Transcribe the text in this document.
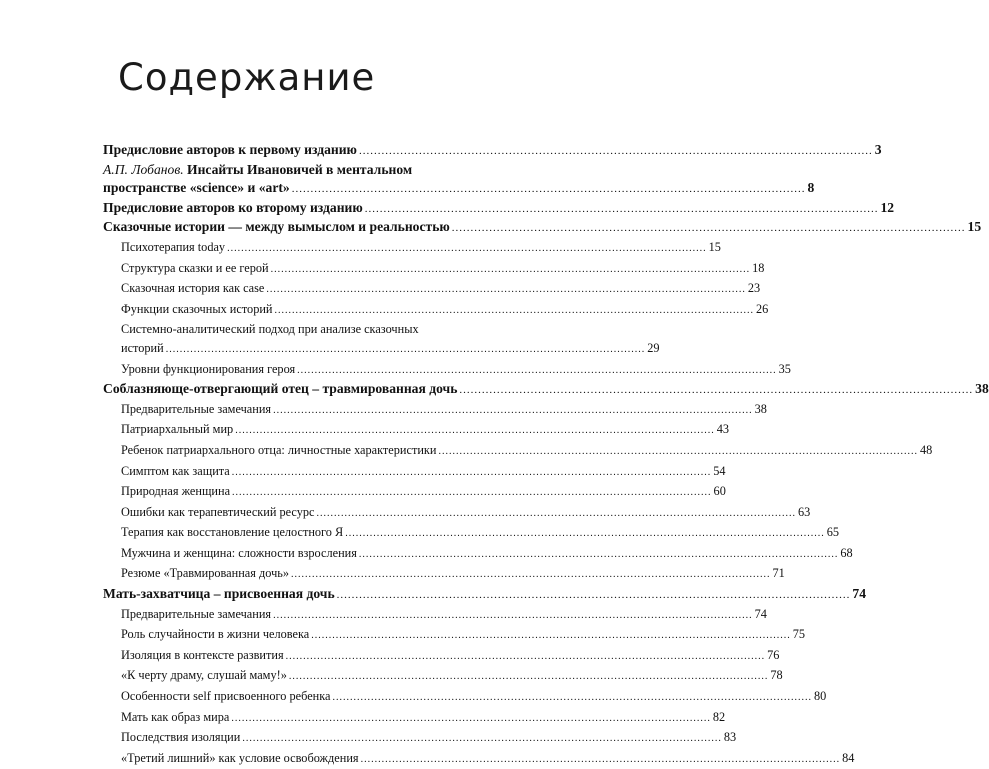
Содержание
Предисловие авторов к первому изданию ......................................................................................................................................... 3
А.П. Лобанов. Инсайты Ивановичей в ментальном
пространстве «science» и «art» ......................................................................................................................................... 8
Предисловие авторов ко второму изданию ......................................................................................................................................... 12
Сказочные истории — между вымыслом и реальностью ......................................................................................................................................... 15
Психотерапия today ......................................................................................................................................... 15
Структура сказки и ее герой ......................................................................................................................................... 18
Сказочная история как case ......................................................................................................................................... 23
Функции сказочных историй ......................................................................................................................................... 26
Системно-аналитический подход при анализе сказочных
историй ......................................................................................................................................... 29
Уровни функционирования героя ......................................................................................................................................... 35
Соблазняюще-отвергающий отец – травмированная дочь ......................................................................................................................................... 38
Предварительные замечания ......................................................................................................................................... 38
Патриархальный мир ......................................................................................................................................... 43
Ребенок патриархального отца: личностные характеристики ......................................................................................................................................... 48
Симптом как защита ......................................................................................................................................... 54
Природная женщина ......................................................................................................................................... 60
Ошибки как терапевтический ресурс ......................................................................................................................................... 63
Терапия как восстановление целостного Я ......................................................................................................................................... 65
Мужчина и женщина: сложности взросления ......................................................................................................................................... 68
Резюме «Травмированная дочь» ......................................................................................................................................... 71
Мать-захватчица – присвоенная дочь ......................................................................................................................................... 74
Предварительные замечания ......................................................................................................................................... 74
Роль случайности в жизни человека ......................................................................................................................................... 75
Изоляция в контексте развития ......................................................................................................................................... 76
«К черту драму, слушай маму!» ......................................................................................................................................... 78
Особенности self присвоенного ребенка ......................................................................................................................................... 80
Мать как образ мира ......................................................................................................................................... 82
Последствия изоляции ......................................................................................................................................... 83
«Третий лишний» как условие освобождения ......................................................................................................................................... 84
